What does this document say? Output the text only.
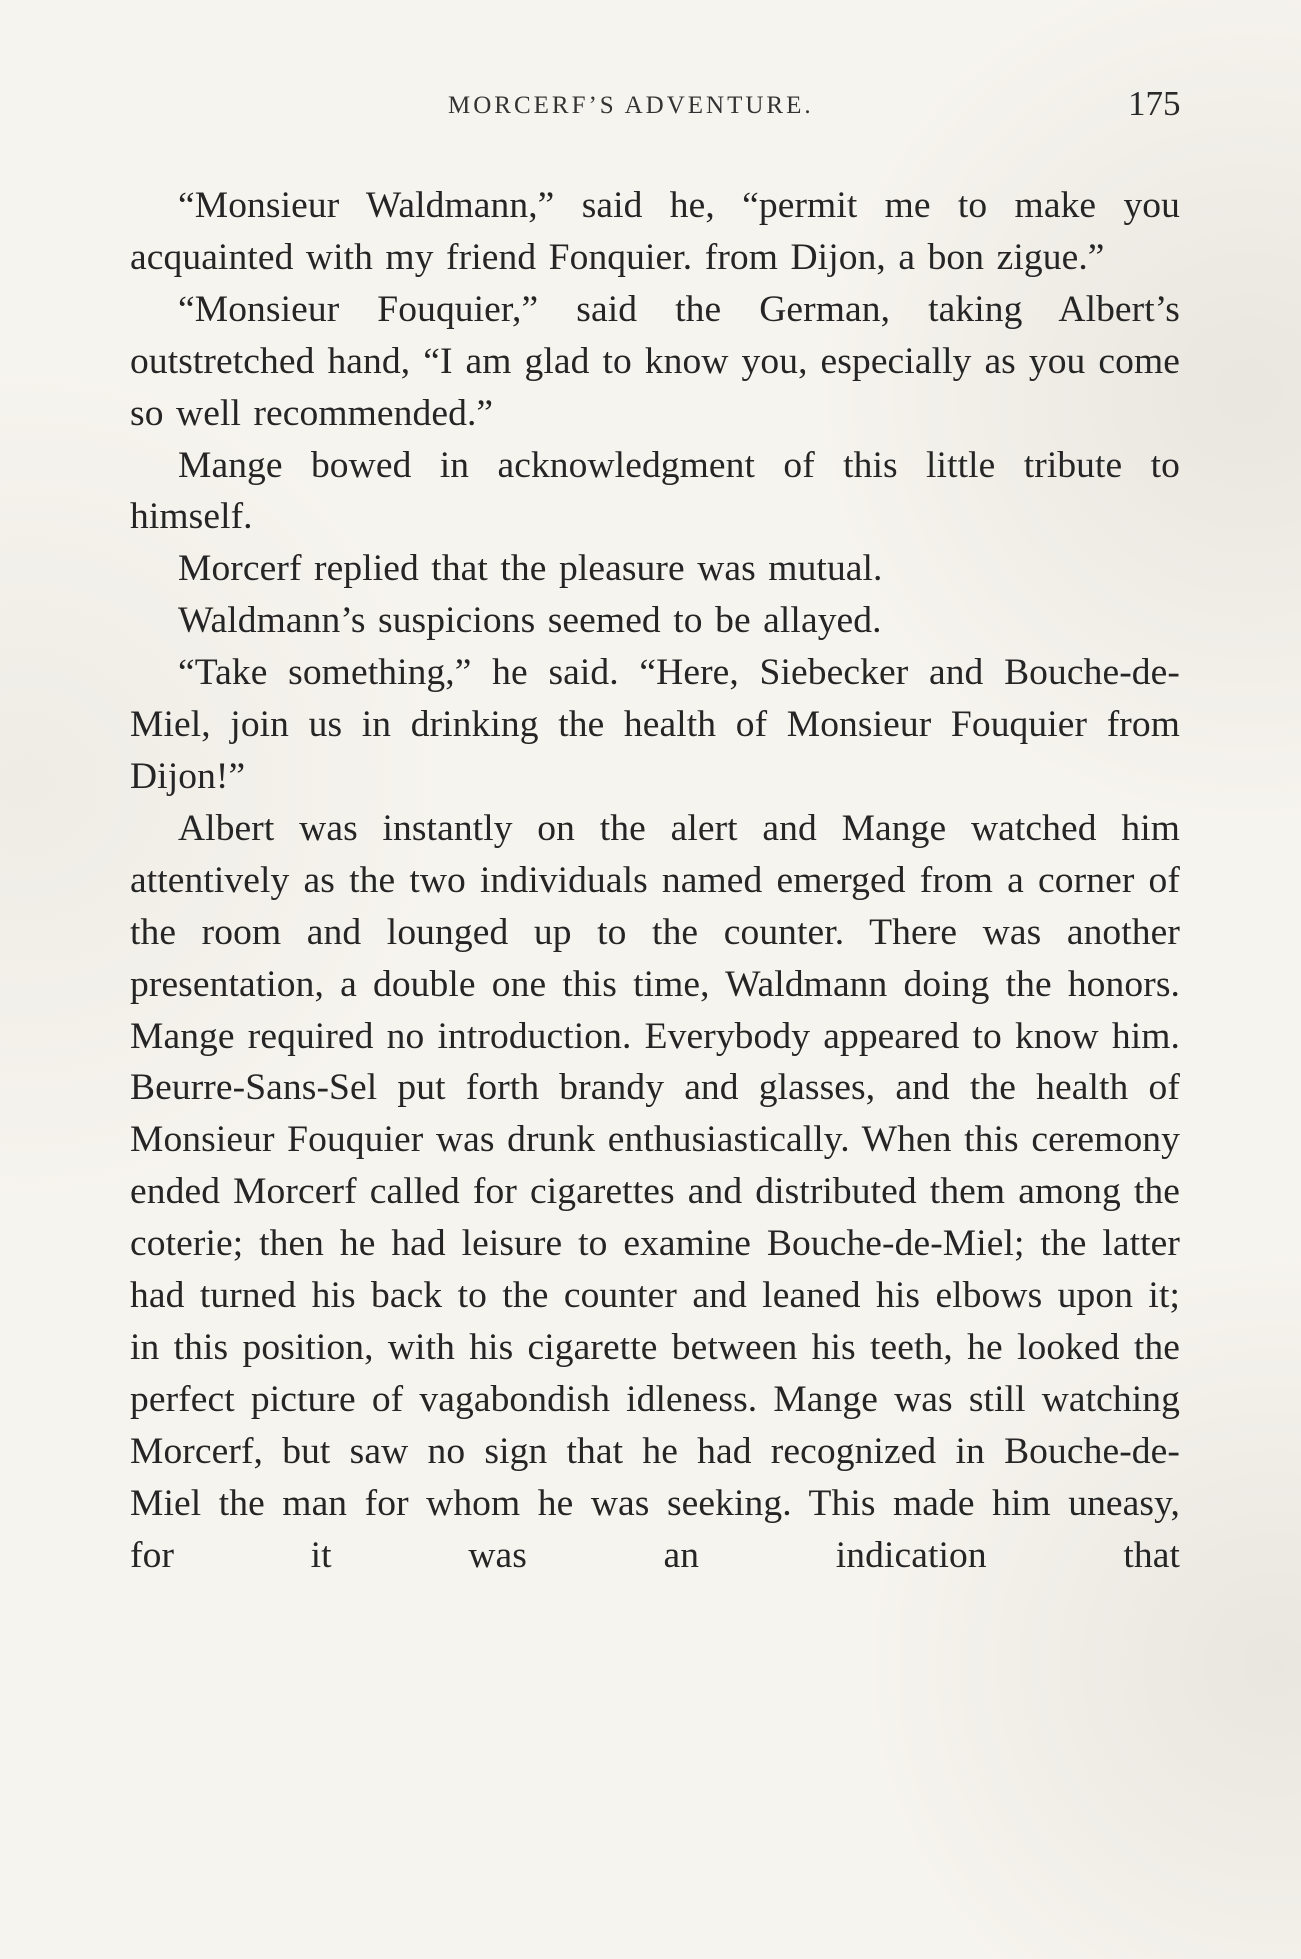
MORCERF’S ADVENTURE.	175

“Monsieur Waldmann,” said he, “permit me to make you acquainted with my friend Fonquier. from Dijon, a bon zigue.”

“Monsieur Fouquier,” said the German, taking Albert’s outstretched hand, “I am glad to know you, especially as you come so well recommended.”

Mange bowed in acknowledgment of this little tribute to himself.

Morcerf replied that the pleasure was mutual.

Waldmann’s suspicions seemed to be allayed.

“Take something,” he said. “Here, Siebecker and Bouche-de-Miel, join us in drinking the health of Monsieur Fouquier from Dijon!”

Albert was instantly on the alert and Mange watched him attentively as the two individuals named emerged from a corner of the room and lounged up to the counter. There was another presentation, a double one this time, Waldmann doing the honors. Mange required no introduction. Everybody appeared to know him. Beurre-Sans-Sel put forth brandy and glasses, and the health of Monsieur Fouquier was drunk enthusiastically. When this ceremony ended Morcerf called for cigarettes and distributed them among the coterie; then he had leisure to examine Bouche-de-Miel; the latter had turned his back to the counter and leaned his elbows upon it; in this position, with his cigarette between his teeth, he looked the perfect picture of vagabondish idleness. Mange was still watching Morcerf, but saw no sign that he had recognized in Bouche-de-Miel the man for whom he was seeking. This made him uneasy, for it was an indication that
